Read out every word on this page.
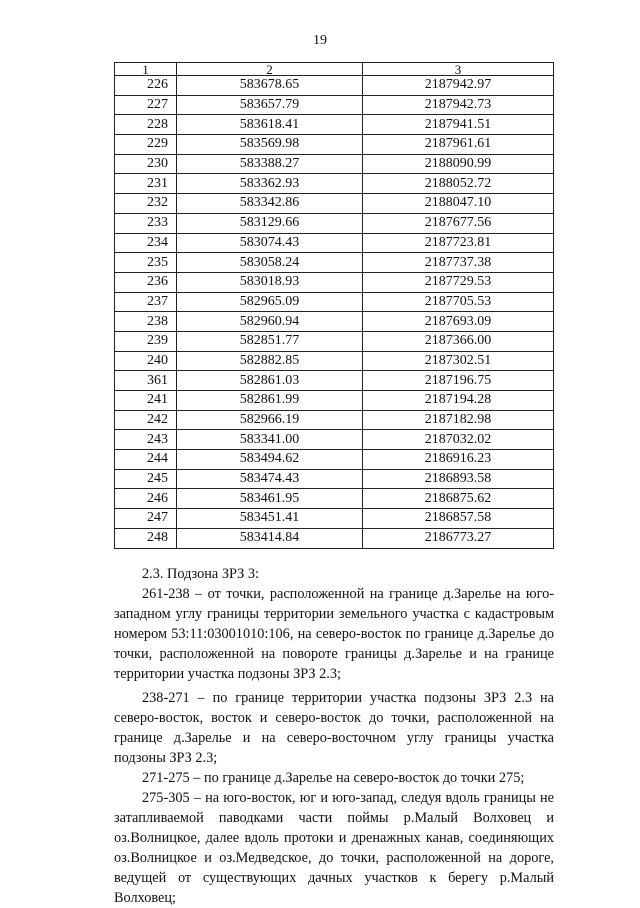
19
1	2	3
226	583678.65	2187942.97
227	583657.79	2187942.73
228	583618.41	2187941.51
229	583569.98	2187961.61
230	583388.27	2188090.99
231	583362.93	2188052.72
232	583342.86	2188047.10
233	583129.66	2187677.56
234	583074.43	2187723.81
235	583058.24	2187737.38
236	583018.93	2187729.53
237	582965.09	2187705.53
238	582960.94	2187693.09
239	582851.77	2187366.00
240	582882.85	2187302.51
361	582861.03	2187196.75
241	582861.99	2187194.28
242	582966.19	2187182.98
243	583341.00	2187032.02
244	583494.62	2186916.23
245	583474.43	2186893.58
246	583461.95	2186875.62
247	583451.41	2186857.58
248	583414.84	2186773.27

2.3. Подзона ЗРЗ 3:

261-238 – от точки, расположенной на границе д.Зарелье на юго-западном углу границы территории земельного участка с кадастровым номером 53:11:03001010:106, на северо-восток по границе д.Зарелье до точки, расположенной на повороте границы д.Зарелье и на границе территории участка подзоны ЗРЗ 2.3;

238-271 – по границе территории участка подзоны ЗРЗ 2.3 на северо-восток, восток и северо-восток до точки, расположенной на границе д.Зарелье и на северо-восточном углу границы участка подзоны ЗРЗ 2.3;

271-275 – по границе д.Зарелье на северо-восток до точки 275;

275-305 – на юго-восток, юг и юго-запад, следуя вдоль границы не затапливаемой паводками части поймы р.Малый Волховец и оз.Волницкое, далее вдоль протоки и дренажных канав, соединяющих оз.Волницкое и оз.Медведское, до точки, расположенной на дороге, ведущей от существующих дачных участков к берегу р.Малый Волховец;
